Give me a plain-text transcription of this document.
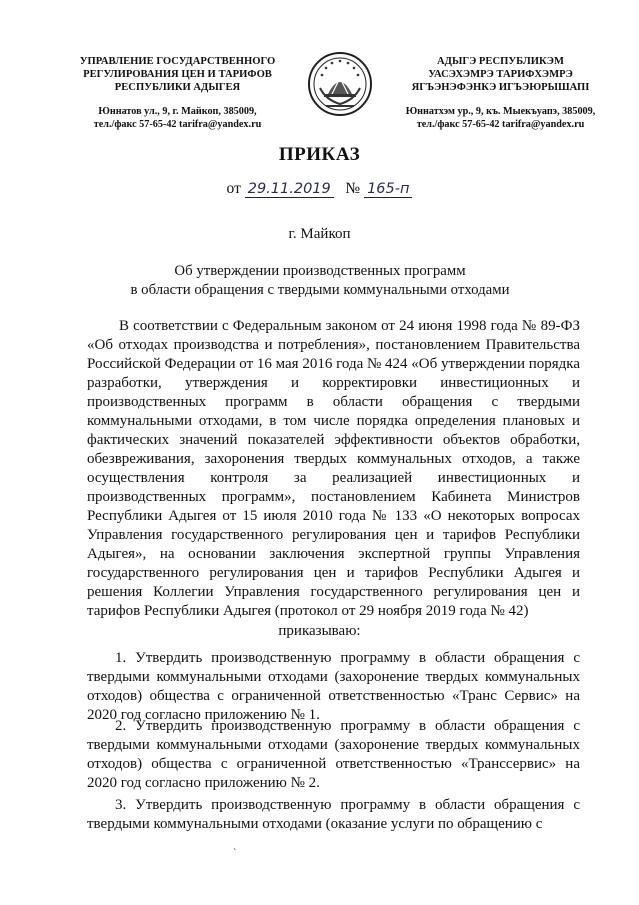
УПРАВЛЕНИЕ ГОСУДАРСТВЕННОГО
РЕГУЛИРОВАНИЯ ЦЕН И ТАРИФОВ
РЕСПУБЛИКИ АДЫГЕЯ
Юннатов ул., 9, г. Майкоп, 385009,
тел./факс 57-65-42 tarifra@yandex.ru
АДЫГЭ РЕСПУБЛИКЭМ
УАСЭХЭМРЭ ТАРИФХЭМРЭ
ЯГЪЭНЭФЭНКЭ ИГЪЭЮРЫШАПI
Юннатхэм ур., 9, къ. Мыекъуапэ, 385009,
тел./факс 57-65-42 tarifra@yandex.ru
ПРИКАЗ
от 29.11.2019 № 165-п
г. Майкоп
Об утверждении производственных программ
в области обращения с твердыми коммунальными отходами
В соответствии с Федеральным законом от 24 июня 1998 года № 89-ФЗ «Об отходах производства и потребления», постановлением Правительства Российской Федерации от 16 мая 2016 года № 424 «Об утверждении порядка разработки, утверждения и корректировки инвестиционных и производственных программ в области обращения с твердыми коммунальными отходами, в том числе порядка определения плановых и фактических значений показателей эффективности объектов обработки, обезвреживания, захоронения твердых коммунальных отходов, а также осуществления контроля за реализацией инвестиционных и производственных программ», постановлением Кабинета Министров Республики Адыгея от 15 июля 2010 года № 133 «О некоторых вопросах Управления государственного регулирования цен и тарифов Республики Адыгея», на основании заключения экспертной группы Управления государственного регулирования цен и тарифов Республики Адыгея и решения Коллегии Управления государственного регулирования цен и тарифов Республики Адыгея (протокол от 29 ноября 2019 года № 42)
приказываю:
1. Утвердить производственную программу в области обращения с твердыми коммунальными отходами (захоронение твердых коммунальных отходов) общества с ограниченной ответственностью «Транс Сервис» на 2020 год согласно приложению № 1.
2. Утвердить производственную программу в области обращения с твердыми коммунальными отходами (захоронение твердых коммунальных отходов) общества с ограниченной ответственностью «Транссервис» на 2020 год согласно приложению № 2.
3. Утвердить производственную программу в области обращения с твердыми коммунальными отходами (оказание услуги по обращению с
`
